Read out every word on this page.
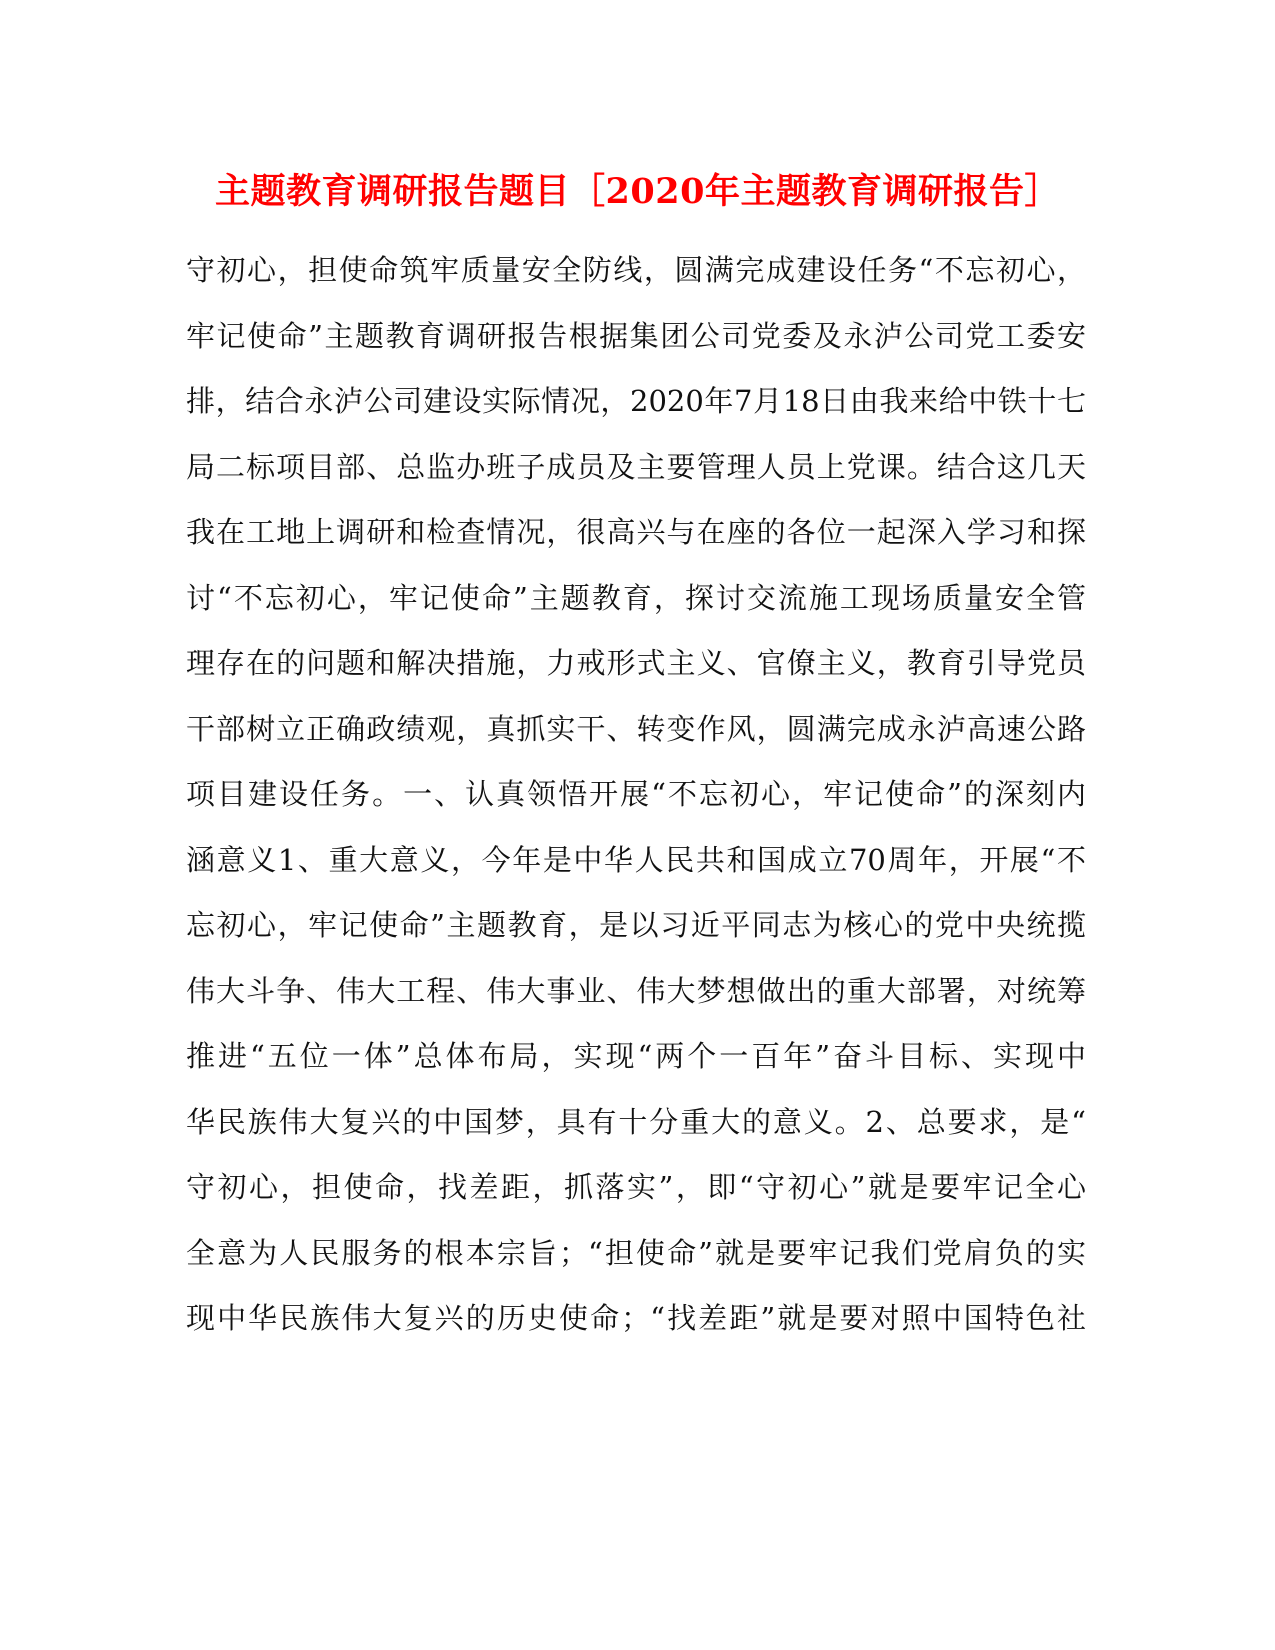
主题教育调研报告题目［2020年主题教育调研报告］
守初心，担使命筑牢质量安全防线，圆满完成建设任务“不忘初心，
牢记使命”主题教育调研报告根据集团公司党委及永泸公司党工委安
排，结合永泸公司建设实际情况，2020年7月18日由我来给中铁十七
局二标项目部、总监办班子成员及主要管理人员上党课。结合这几天
我在工地上调研和检查情况，很高兴与在座的各位一起深入学习和探
讨“不忘初心，牢记使命”主题教育，探讨交流施工现场质量安全管
理存在的问题和解决措施，力戒形式主义、官僚主义，教育引导党员
干部树立正确政绩观，真抓实干、转变作风，圆满完成永泸高速公路
项目建设任务。一、认真领悟开展“不忘初心，牢记使命”的深刻内
涵意义1、重大意义，今年是中华人民共和国成立70周年，开展“不
忘初心，牢记使命”主题教育，是以习近平同志为核心的党中央统揽
伟大斗争、伟大工程、伟大事业、伟大梦想做出的重大部署，对统筹
推进“五位一体”总体布局，实现“两个一百年”奋斗目标、实现中
华民族伟大复兴的中国梦，具有十分重大的意义。2、总要求，是“
守初心，担使命，找差距，抓落实”，即“守初心”就是要牢记全心
全意为人民服务的根本宗旨；“担使命”就是要牢记我们党肩负的实
现中华民族伟大复兴的历史使命；“找差距”就是要对照中国特色社
